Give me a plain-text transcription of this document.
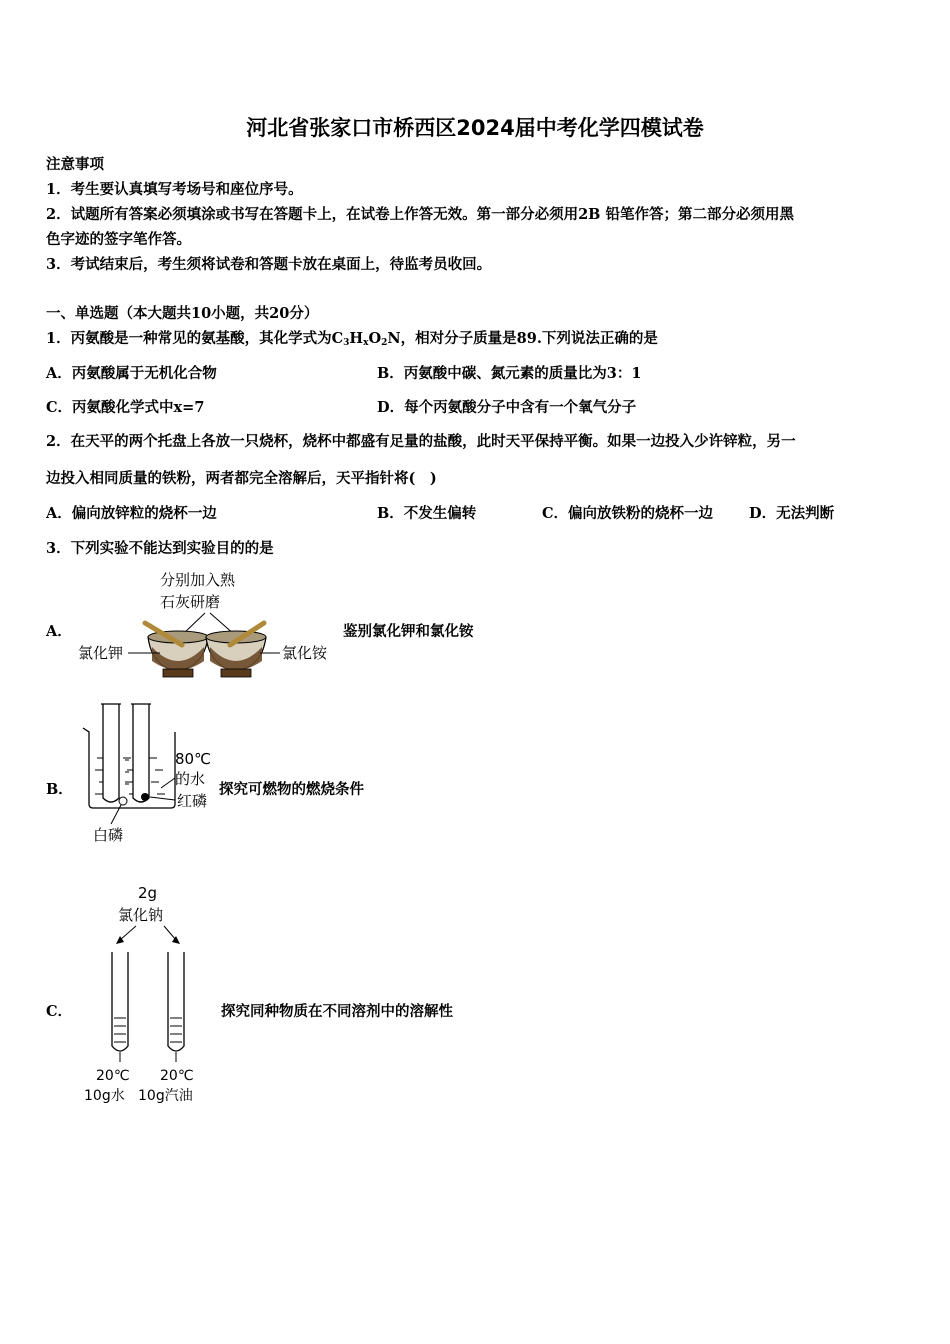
河北省张家口市桥西区2024届中考化学四模试卷
注意事项
1．考生要认真填写考场号和座位序号。
2．试题所有答案必须填涂或书写在答题卡上，在试卷上作答无效。第一部分必须用2B 铅笔作答；第二部分必须用黑
色字迹的签字笔作答。
3．考试结束后，考生须将试卷和答题卡放在桌面上，待监考员收回。
一、单选题（本大题共10小题，共20分）
1．丙氨酸是一种常见的氨基酸，其化学式为$C_3H_xO_2N$，相对分子质量是89.下列说法正确的是
A．丙氨酸属于无机化合物	B．丙氨酸中碳、氮元素的质量比为3：1
C．丙氨酸化学式中x=7	D．每个丙氨酸分子中含有一个氧气分子
2．在天平的两个托盘上各放一只烧杯，烧杯中都盛有足量的盐酸，此时天平保持平衡。如果一边投入少许锌粒，另一
边投入相同质量的铁粉，两者都完全溶解后，天平指针将(　)
A．偏向放锌粒的烧杯一边	B．不发生偏转	C．偏向放铁粉的烧杯一边 D．无法判断
3．下列实验不能达到实验目的的是
A．
分别加入熟
石灰研磨
氯化钾	氯化铵
鉴别氯化钾和氯化铵
B．
80℃
的水
红磷
白磷
探究可燃物的燃烧条件
C．
2g
氯化钠
20℃
10g水
20℃
10g汽油
探究同种物质在不同溶剂中的溶解性
